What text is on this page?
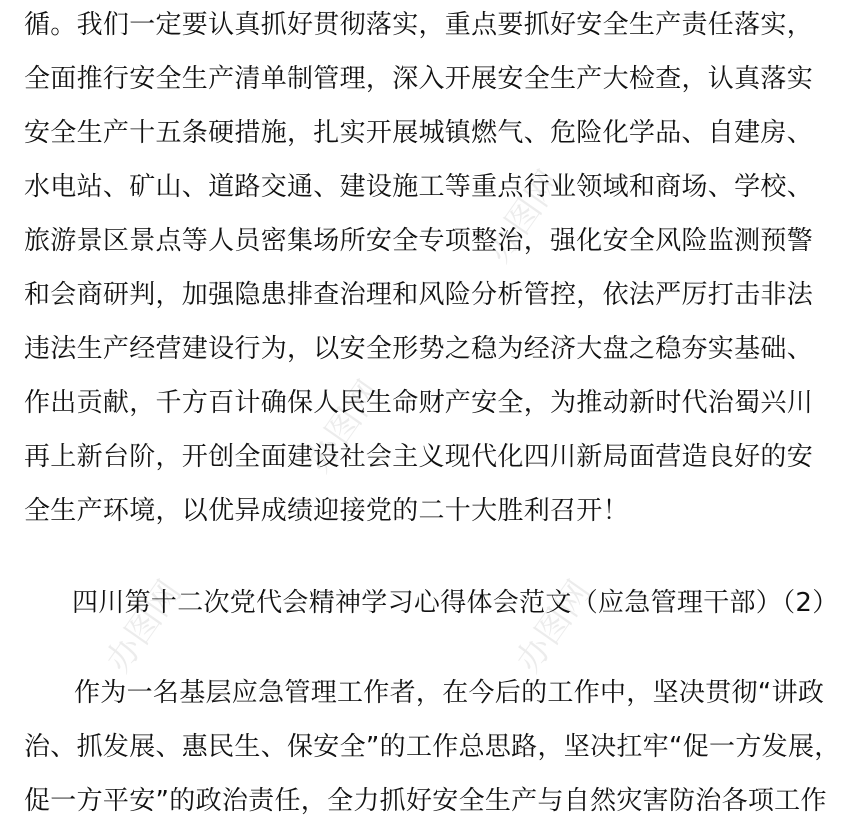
办图网
办图网
办图网
办图网
循。我们一定要认真抓好贯彻落实，重点要抓好安全生产责任落实，
全面推行安全生产清单制管理，深入开展安全生产大检查，认真落实
安全生产十五条硬措施，扎实开展城镇燃气、危险化学品、自建房、
水电站、矿山、道路交通、建设施工等重点行业领域和商场、学校、
旅游景区景点等人员密集场所安全专项整治，强化安全风险监测预警
和会商研判，加强隐患排查治理和风险分析管控，依法严厉打击非法
违法生产经营建设行为，以安全形势之稳为经济大盘之稳夯实基础、
作出贡献，千方百计确保人民生命财产安全，为推动新时代治蜀兴川
再上新台阶，开创全面建设社会主义现代化四川新局面营造良好的安
全生产环境，以优异成绩迎接党的二十大胜利召开！
四川第十二次党代会精神学习心得体会范文（应急管理干部）（2）
作为一名基层应急管理工作者，在今后的工作中，坚决贯彻“讲政
治、抓发展、惠民生、保安全”的工作总思路，坚决扛牢“促一方发展，
促一方平安”的政治责任，全力抓好安全生产与自然灾害防治各项工作
